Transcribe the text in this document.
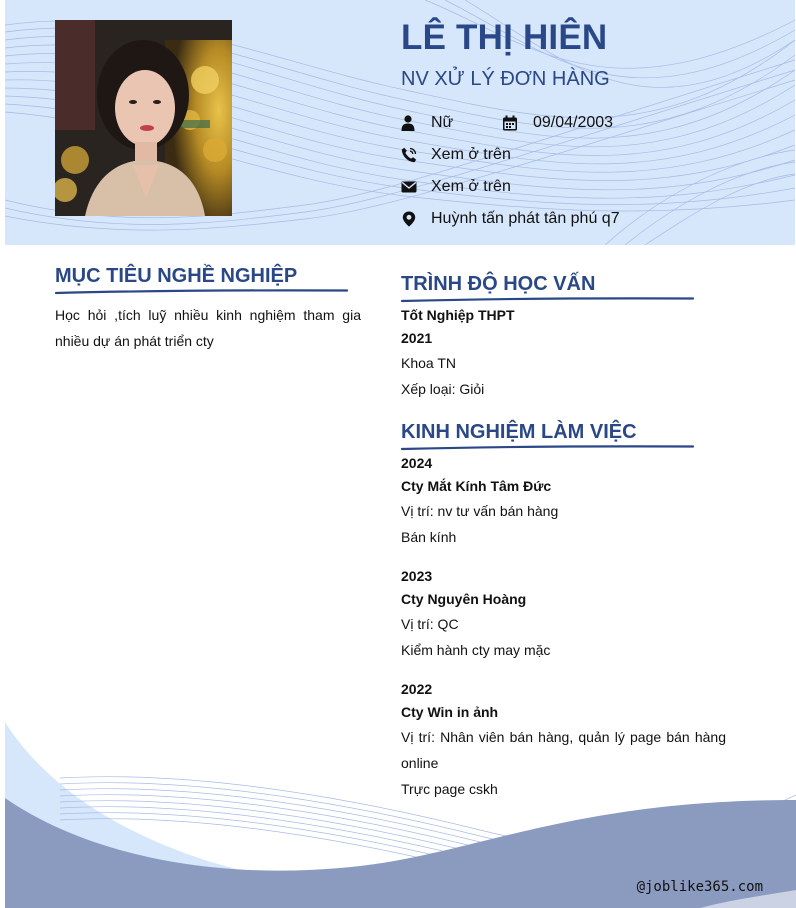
LÊ THỊ HIÊN
NV XỬ LÝ ĐƠN HÀNG
Nữ	09/04/2003
Xem ở trên
Xem ở trên
Huỳnh tấn phát tân phú q7
MỤC TIÊU NGHỀ NGHIỆP
Học hỏi ,tích luỹ nhiều kinh nghiệm tham gia nhiều dự án phát triển cty
TRÌNH ĐỘ HỌC VẤN
Tốt Nghiệp THPT
2021
Khoa TN
Xếp loại: Giỏi
KINH NGHIỆM LÀM VIỆC
2024
Cty Mắt Kính Tâm Đức
Vị trí: nv tư vấn bán hàng
Bán kính
2023
Cty Nguyên Hoàng
Vị trí: QC
Kiểm hành cty may mặc
2022
Cty Win in ảnh
Vị trí: Nhân viên bán hàng, quản lý page bán hàng online
Trực page cskh
@joblike365.com
